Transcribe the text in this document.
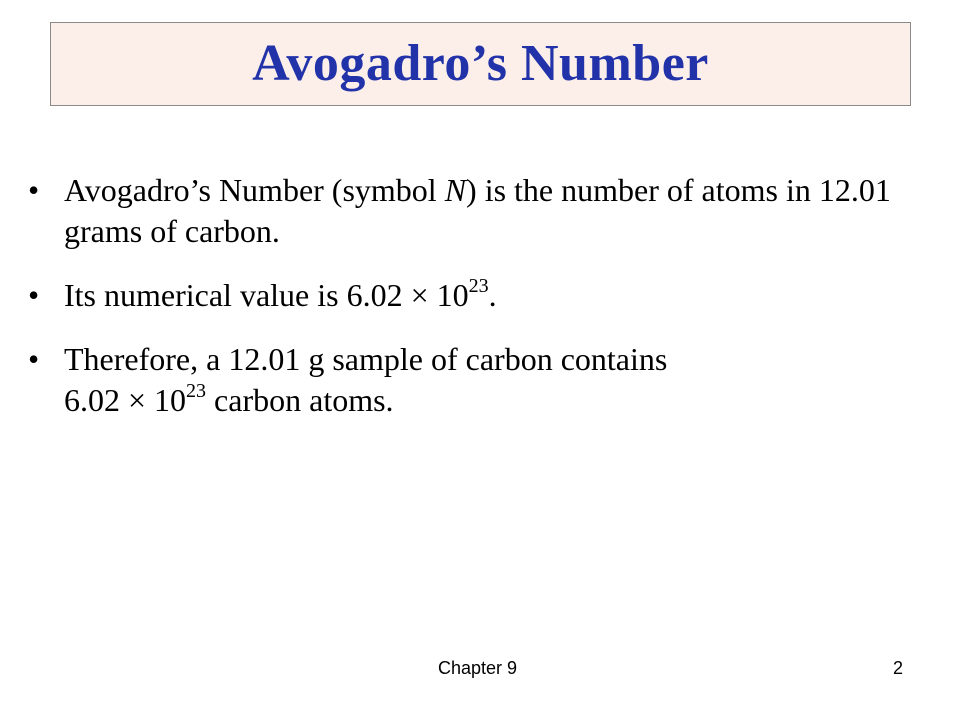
Avogadro’s Number
• Avogadro’s Number (symbol N) is the number of atoms in 12.01 grams of carbon.
• Its numerical value is $6.02 \times 10^{23}$.
• Therefore, a 12.01 g sample of carbon contains
$6.02 \times 10^{23}$ carbon atoms.
Chapter 9	2
